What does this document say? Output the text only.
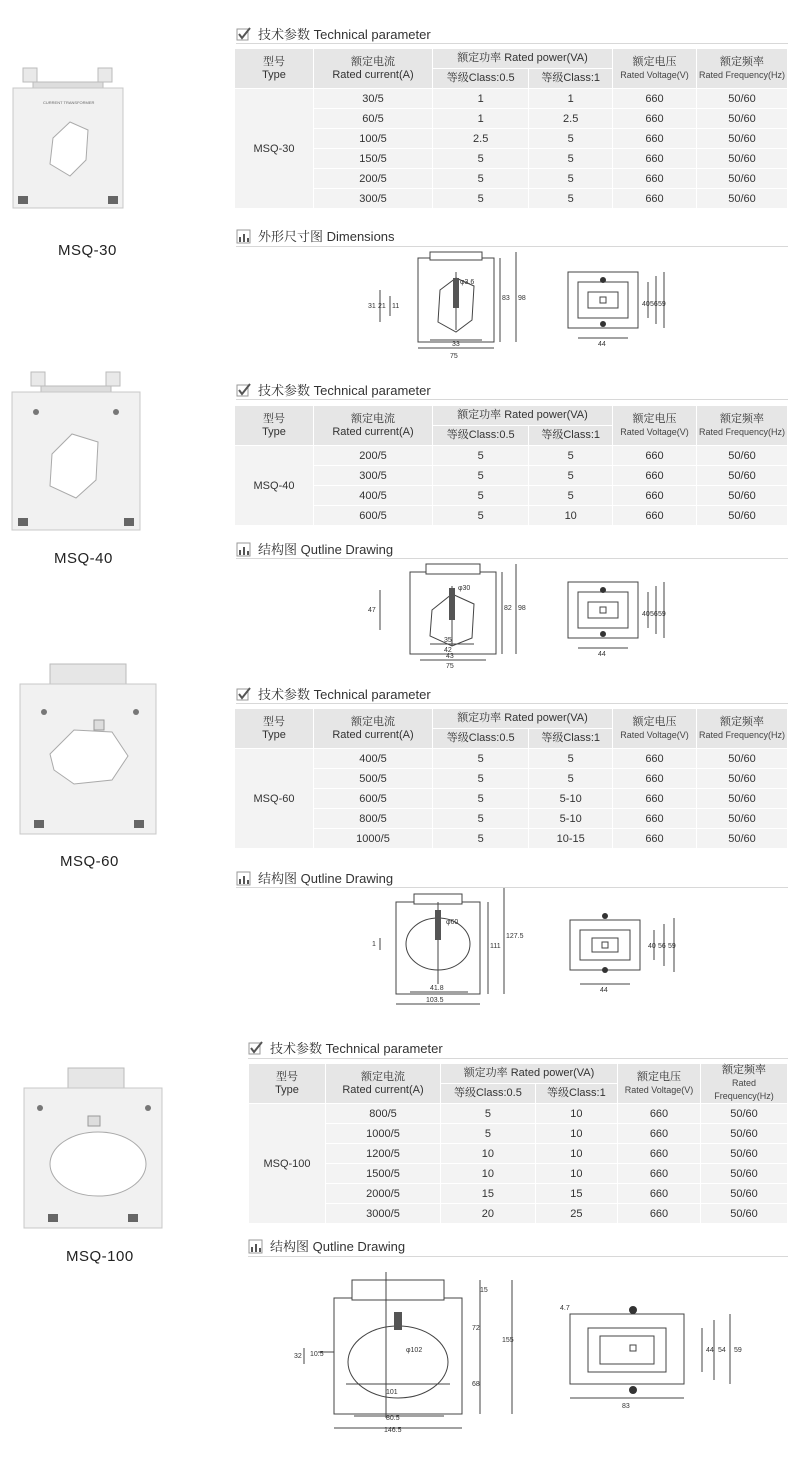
CURRENT TRANSFORMER
MSQ-30
技术参数 Technical parameter
型号
Type	额定电流
Rated current(A)	额定功率 Rated power(VA)		额定电压
Rated Voltage(V)	额定频率
Rated Frequency(Hz)
		等级Class:0.5	等级Class:1		
MSQ-30	30/5	1	1	660	50/60
	60/5	1	2.5	660	50/60
	100/5	2.5	5	660	50/60
	150/5	5	5	660	50/60
	200/5	5	5	660	50/60
	300/5	5	5	660	50/60
外形尺寸图 Dimensions
33
75
83 98
φ3.6
31 21 11	40 56 59
44
MSQ-40
技术参数 Technical parameter
型号
Type	额定电流
Rated current(A)	额定功率 Rated power(VA)		额定电压
Rated Voltage(V)	额定频率
Rated Frequency(Hz)
		等级Class:0.5	等级Class:1		
MSQ-40	200/5	5	5	660	50/60
	300/5	5	5	660	50/60
	400/5	5	5	660	50/60
	600/5	5	10	660	50/60
结构图 Qutline Drawing
φ30
82 98
35
42
43
75
47
40 56 59
44
MSQ-60
技术参数 Technical parameter
型号
Type	额定电流
Rated current(A)	额定功率 Rated power(VA)		额定电压
Rated Voltage(V)	额定频率
Rated Frequency(Hz)
		等级Class:0.5	等级Class:1		
MSQ-60	400/5	5	5	660	50/60
	500/5	5	5	660	50/60
	600/5	5	5-10	660	50/60
	800/5	5	5-10	660	50/60
	1000/5	5	10-15	660	50/60
结构图 Qutline Drawing
φ60
111
127.5
41.8
103.5
1	40 56 59
44
MSQ-100
技术参数 Technical parameter
型号
Type	额定电流
Rated current(A)	额定功率 Rated power(VA)		额定电压
Rated Voltage(V)	额定频率
Rated Frequency(Hz)
		等级Class:0.5	等级Class:1		
MSQ-100	800/5	5	10	660	50/60
	1000/5	5	10	660	50/60
	1200/5	10	10	660	50/60
	1500/5	10	10	660	50/60
	2000/5	15	15	660	50/60
	3000/5	20	25	660	50/60
结构图 Qutline Drawing
φ102
15
72
68
155
101
80.5
146.5
32 10.5
4.7
44 54 59
83
